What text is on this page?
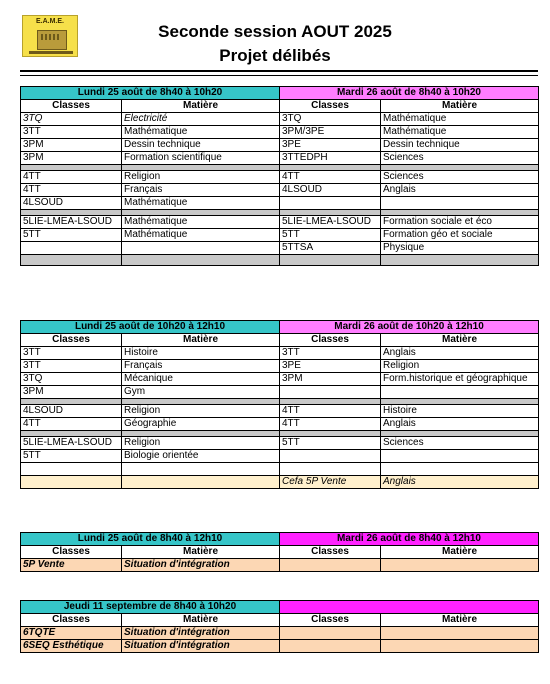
E.A.M.E.
Seconde session AOUT 2025
Projet délibés
Lundi 25 août de 8h40 à 10h20		Mardi 26 août de 8h40 à 10h20	
Classes	Matière	Classes	Matière
3TQ	Electricité	3TQ	Mathématique
3TT	Mathématique	3PM/3PE	Mathématique
3PM	Dessin technique	3PE	Dessin technique
3PM	Formation scientifique	3TTEDPH	Sciences

4TT	Religion	4TT	Sciences
4TT	Français	4LSOUD	Anglais
4LSOUD	Mathématique		

5LIE-LMEA-LSOUD	Mathématique	5LIE-LMEA-LSOUD	Formation sociale et éco
5TT	Mathématique	5TT	Formation géo et sociale
		5TTSA	Physique

Lundi 25 août de 10h20 à 12h10		Mardi 26 août de 10h20 à 12h10	
Classes	Matière	Classes	Matière
3TT	Histoire	3TT	Anglais
3TT	Français	3PE	Religion
3TQ	Mécanique	3PM	Form.historique et géographique
3PM	Gym		

4LSOUD	Religion	4TT	Histoire
4TT	Géographie	4TT	Anglais

5LIE-LMEA-LSOUD	Religion	5TT	Sciences
5TT	Biologie orientée		

		Cefa 5P Vente	Anglais
Lundi 25 août de 8h40 à 12h10		Mardi 26 août de 8h40 à 12h10	
Classes	Matière	Classes	Matière
5P Vente	Situation d'intégration		
Jeudi 11 septembre de 8h40 à 10h20			
Classes	Matière	Classes	Matière
6TQTE	Situation d'intégration		
6SEQ Esthétique	Situation d'intégration		
